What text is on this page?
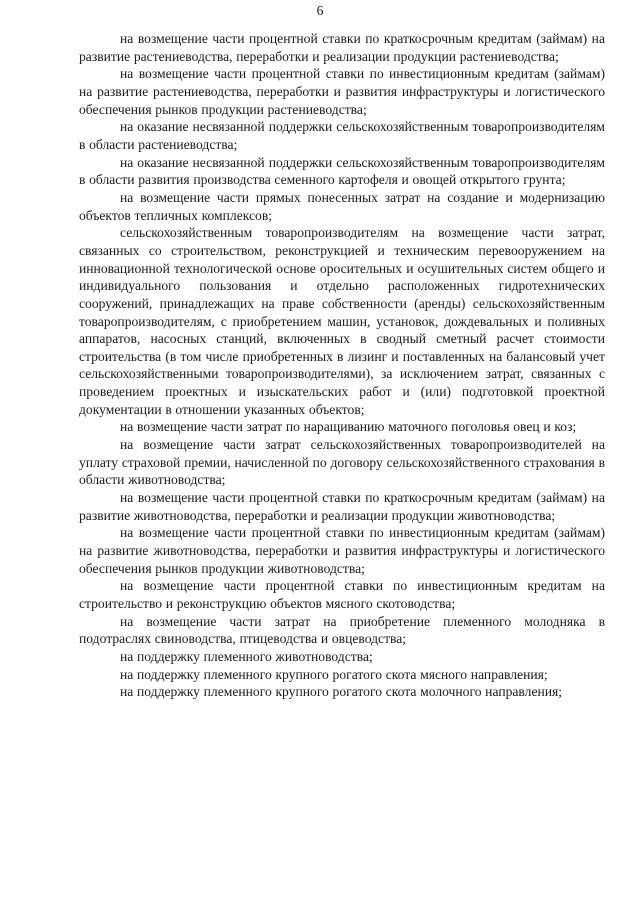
6

на возмещение части процентной ставки по краткосрочным кредитам (займам) на развитие растениеводства, переработки и реализации продукции растениеводства;

на возмещение части процентной ставки по инвестиционным кредитам (займам) на развитие растениеводства, переработки и развития инфраструктуры и логистического обеспечения рынков продукции растениеводства;

на оказание несвязанной поддержки сельскохозяйственным товаропроизводителям в области растениеводства;

на оказание несвязанной поддержки сельскохозяйственным товаропроизводителям в области развития производства семенного картофеля и овощей открытого грунта;

на возмещение части прямых понесенных затрат на создание и модернизацию объектов тепличных комплексов;

сельскохозяйственным товаропроизводителям на возмещение части затрат, связанных со строительством, реконструкцией и техническим перевооружением на инновационной технологической основе оросительных и осушительных систем общего и индивидуального пользования и отдельно расположенных гидротехнических сооружений, принадлежащих на праве собственности (аренды) сельскохозяйственным товаропроизводителям, с приобретением машин, установок, дождевальных и поливных аппаратов, насосных станций, включенных в сводный сметный расчет стоимости строительства (в том числе приобретенных в лизинг и поставленных на балансовый учет сельскохозяйственными товаропроизводителями), за исключением затрат, связанных с проведением проектных и изыскательских работ и (или) подготовкой проектной документации в отношении указанных объектов;

на возмещение части затрат по наращиванию маточного поголовья овец и коз;

на возмещение части затрат сельскохозяйственных товаропроизводителей на уплату страховой премии, начисленной по договору сельскохозяйственного страхования в области животноводства;

на возмещение части процентной ставки по краткосрочным кредитам (займам) на развитие животноводства, переработки и реализации продукции животноводства;

на возмещение части процентной ставки по инвестиционным кредитам (займам) на развитие животноводства, переработки и развития инфраструктуры и логистического обеспечения рынков продукции животноводства;

на возмещение части процентной ставки по инвестиционным кредитам на строительство и реконструкцию объектов мясного скотоводства;

на возмещение части затрат на приобретение племенного молодняка в подотраслях свиноводства, птицеводства и овцеводства;

на поддержку племенного животноводства;

на поддержку племенного крупного рогатого скота мясного направления;

на поддержку племенного крупного рогатого скота молочного направления;
